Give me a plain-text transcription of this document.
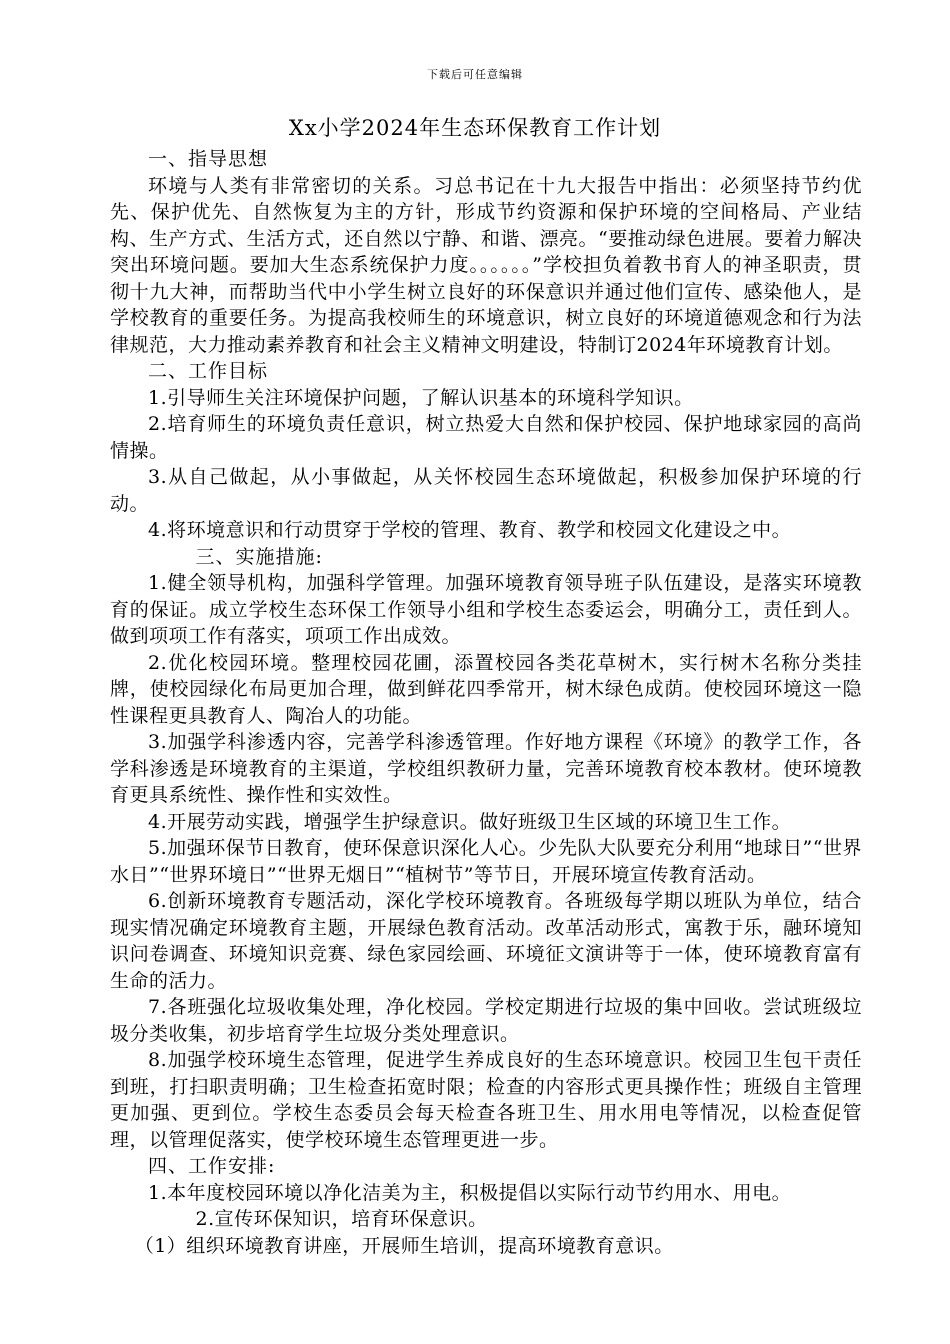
下载后可任意编辑
Xx小学2024年生态环保教育工作计划

一、指导思想

环境与人类有非常密切的关系。习总书记在十九大报告中指出：必须坚持节约优先、保护优先、自然恢复为主的方针，形成节约资源和保护环境的空间格局、产业结构、生产方式、生活方式，还自然以宁静、和谐、漂亮。“要推动绿色进展。要着力解决突出环境问题。要加大生态系统保护力度。。。。。。”学校担负着教书育人的神圣职责，贯彻十九大神，而帮助当代中小学生树立良好的环保意识并通过他们宣传、感染他人，是学校教育的重要任务。为提高我校师生的环境意识，树立良好的环境道德观念和行为法律规范，大力推动素养教育和社会主义精神文明建设，特制订2024年环境教育计划。

二、工作目标

1.引导师生关注环境保护问题，了解认识基本的环境科学知识。

2.培育师生的环境负责任意识，树立热爱大自然和保护校园、保护地球家园的高尚情操。

3.从自己做起，从小事做起，从关怀校园生态环境做起，积极参加保护环境的行动。

4.将环境意识和行动贯穿于学校的管理、教育、教学和校园文化建设之中。

三、实施措施:

1.健全领导机构，加强科学管理。加强环境教育领导班子队伍建设，是落实环境教育的保证。成立学校生态环保工作领导小组和学校生态委运会，明确分工，责任到人。做到项项工作有落实，项项工作出成效。

2.优化校园环境。整理校园花圃，添置校园各类花草树木，实行树木名称分类挂牌，使校园绿化布局更加合理，做到鲜花四季常开，树木绿色成荫。使校园环境这一隐性课程更具教育人、陶冶人的功能。

3.加强学科渗透内容，完善学科渗透管理。作好地方课程《环境》的教学工作，各学科渗透是环境教育的主渠道，学校组织教研力量，完善环境教育校本教材。使环境教育更具系统性、操作性和实效性。

4.开展劳动实践，增强学生护绿意识。做好班级卫生区域的环境卫生工作。

5.加强环保节日教育，使环保意识深化人心。少先队大队要充分利用“地球日”“世界水日”“世界环境日”“世界无烟日”“植树节”等节日，开展环境宣传教育活动。

6.创新环境教育专题活动，深化学校环境教育。各班级每学期以班队为单位，结合现实情况确定环境教育主题，开展绿色教育活动。改革活动形式，寓教于乐，融环境知识问卷调查、环境知识竞赛、绿色家园绘画、环境征文演讲等于一体，使环境教育富有生命的活力。

7.各班强化垃圾收集处理，净化校园。学校定期进行垃圾的集中回收。尝试班级垃圾分类收集，初步培育学生垃圾分类处理意识。

8.加强学校环境生态管理，促进学生养成良好的生态环境意识。校园卫生包干责任到班，打扫职责明确；卫生检查拓宽时限；检查的内容形式更具操作性；班级自主管理更加强、更到位。学校生态委员会每天检查各班卫生、用水用电等情况，以检查促管理，以管理促落实，使学校环境生态管理更进一步。

四、工作安排:

1.本年度校园环境以净化洁美为主，积极提倡以实际行动节约用水、用电。

2.宣传环保知识，培育环保意识。

（1）组织环境教育讲座，开展师生培训，提高环境教育意识。
